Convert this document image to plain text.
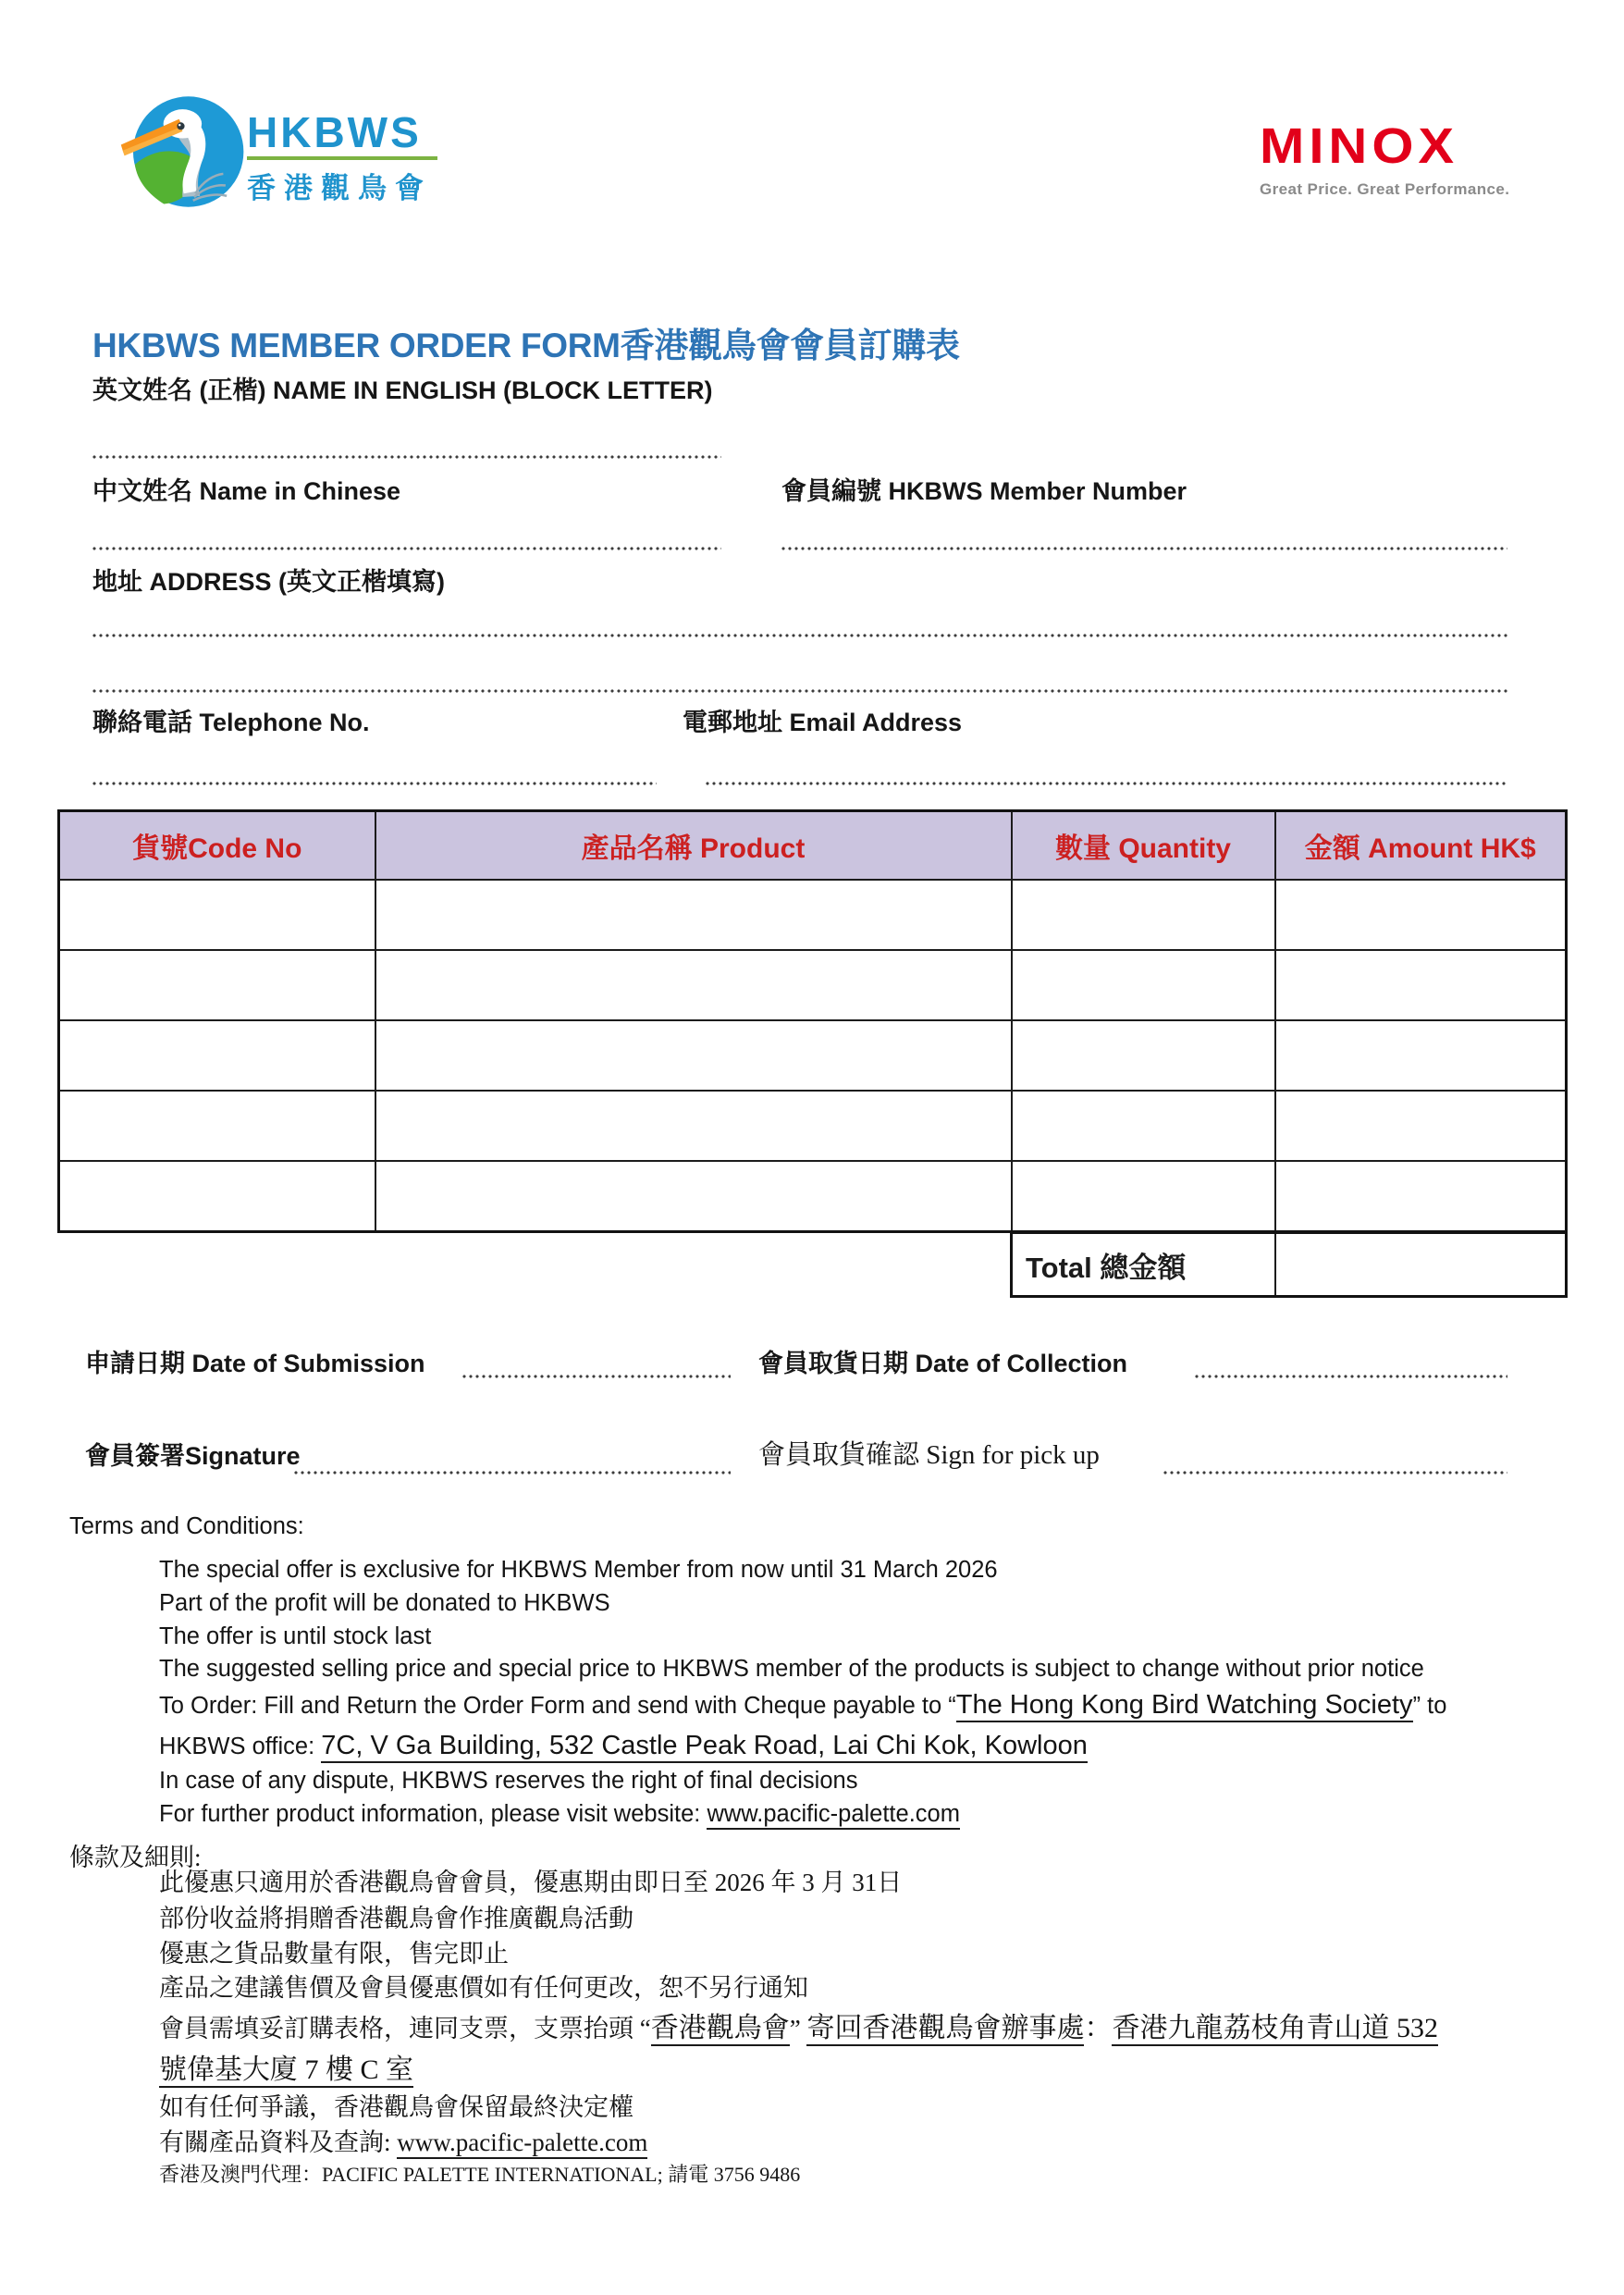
HKBWS
香港觀鳥會
MINOX
Great Price. Great Performance.
HKBWS MEMBER ORDER FORM香港觀鳥會會員訂購表
英文姓名 (正楷) NAME IN ENGLISH (BLOCK LETTER)
中文姓名 Name in Chinese	會員編號 HKBWS Member Number
地址 ADDRESS (英文正楷填寫)
聯絡電話 Telephone No.	電郵地址 Email Address
貨號Code No	產品名稱 Product	數量 Quantity	金額 Amount HK$

Total 總金額	
申請日期 Date of Submission	會員取貨日期 Date of Collection
會員簽署Signature	會員取貨確認 Sign for pick up
Terms and Conditions:
The special offer is exclusive for HKBWS Member from now until 31 March 2026
Part of the profit will be donated to HKBWS
The offer is until stock last
The suggested selling price and special price to HKBWS member of the products is subject to change without prior notice
To Order: Fill and Return the Order Form and send with Cheque payable to “The Hong Kong Bird Watching Society” to
HKBWS office: 7C, V Ga Building, 532 Castle Peak Road, Lai Chi Kok, Kowloon
In case of any dispute, HKBWS reserves the right of final decisions
For further product information, please visit website: www.pacific-palette.com
條款及細則:
此優惠只適用於香港觀鳥會會員，優惠期由即日至 2026 年 3 月 31日
部份收益將捐贈香港觀鳥會作推廣觀鳥活動
優惠之貨品數量有限，售完即止
產品之建議售價及會員優惠價如有任何更改，恕不另行通知
會員需填妥訂購表格，連同支票，支票抬頭 “香港觀鳥會” 寄回香港觀鳥會辦事處：香港九龍荔枝角青山道 532
號偉基大廈 7 樓 C 室
如有任何爭議，香港觀鳥會保留最終決定權
有關產品資料及查詢: www.pacific-palette.com
香港及澳門代理：PACIFIC PALETTE INTERNATIONAL; 請電 3756 9486
